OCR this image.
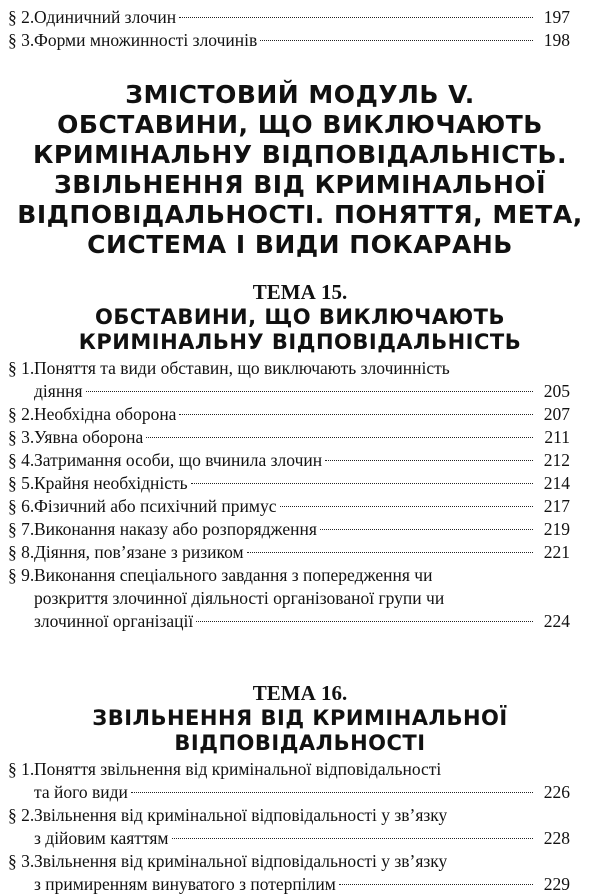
§ 2. Одиничний злочин	197
§ 3. Форми множинності злочинів	198
ЗМІСТОВИЙ МОДУЛЬ V.
ОБСТАВИНИ, ЩО ВИКЛЮЧАЮТЬ
КРИМІНАЛЬНУ ВІДПОВІДАЛЬНІСТЬ.
ЗВІЛЬНЕННЯ ВІД КРИМІНАЛЬНОЇ
ВІДПОВІДАЛЬНОСТІ. ПОНЯТТЯ, МЕТА,
СИСТЕМА І ВИДИ ПОКАРАНЬ
ТЕМА 15.
ОБСТАВИНИ, ЩО ВИКЛЮЧАЮТЬ
КРИМІНАЛЬНУ ВІДПОВІДАЛЬНІСТЬ
§ 1. Поняття та види обставин, що виключають злочинність
діяння	205
§ 2. Необхідна оборона	207
§ 3. Уявна оборона	211
§ 4. Затримання особи, що вчинила злочин	212
§ 5. Крайня необхідність	214
§ 6. Фізичний або психічний примус	217
§ 7. Виконання наказу або розпорядження	219
§ 8. Діяння, пов’язане з ризиком	221
§ 9. Виконання спеціального завдання з попередження чи
розкриття злочинної діяльності організованої групи чи
злочинної організації	224
ТЕМА 16.
ЗВІЛЬНЕННЯ ВІД КРИМІНАЛЬНОЇ
ВІДПОВІДАЛЬНОСТІ
§ 1. Поняття звільнення від кримінальної відповідальності
та його види	226
§ 2. Звільнення від кримінальної відповідальності у зв’язку
з дійовим каяттям	228
§ 3. Звільнення від кримінальної відповідальності у зв’язку
з примиренням винуватого з потерпілим	229
